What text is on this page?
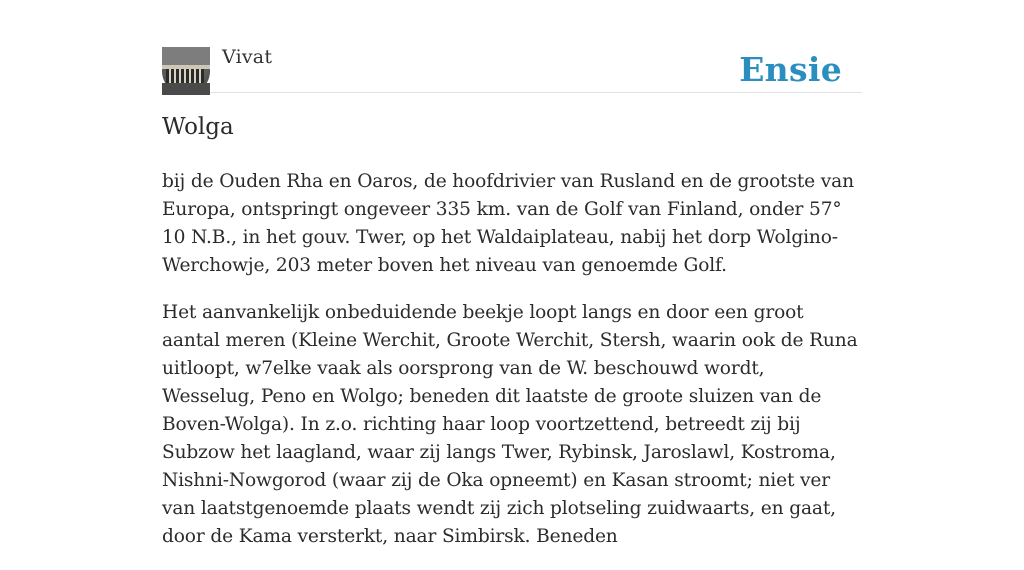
Vivat	Ensie
Wolga

bij de Ouden Rha en Oaros, de hoofdrivier van Rusland en de grootste van Europa, ontspringt ongeveer 335 km. van de Golf van Finland, onder 57° 10 N.B., in het gouv. Twer, op het Waldaiplateau, nabij het dorp Wolgino-Werchowje, 203 meter boven het niveau van genoemde Golf.

Het aanvankelijk onbeduidende beekje loopt langs en door een groot aantal meren (Kleine Werchit, Groote Werchit, Stersh, waarin ook de Runa uitloopt, w7elke vaak als oorsprong van de W. beschouwd wordt, Wesselug, Peno en Wolgo; beneden dit laatste de groote sluizen van de Boven-Wolga). In z.o. richting haar loop voortzettend, betreedt zij bij Subzow het laagland, waar zij langs Twer, Rybinsk, Jaroslawl, Kostroma, Nishni-Nowgorod (waar zij de Oka opneemt) en Kasan stroomt; niet ver van laatstgenoemde plaats wendt zij zich plotseling zuidwaarts, en gaat, door de Kama versterkt, naar Simbirsk. Beneden
